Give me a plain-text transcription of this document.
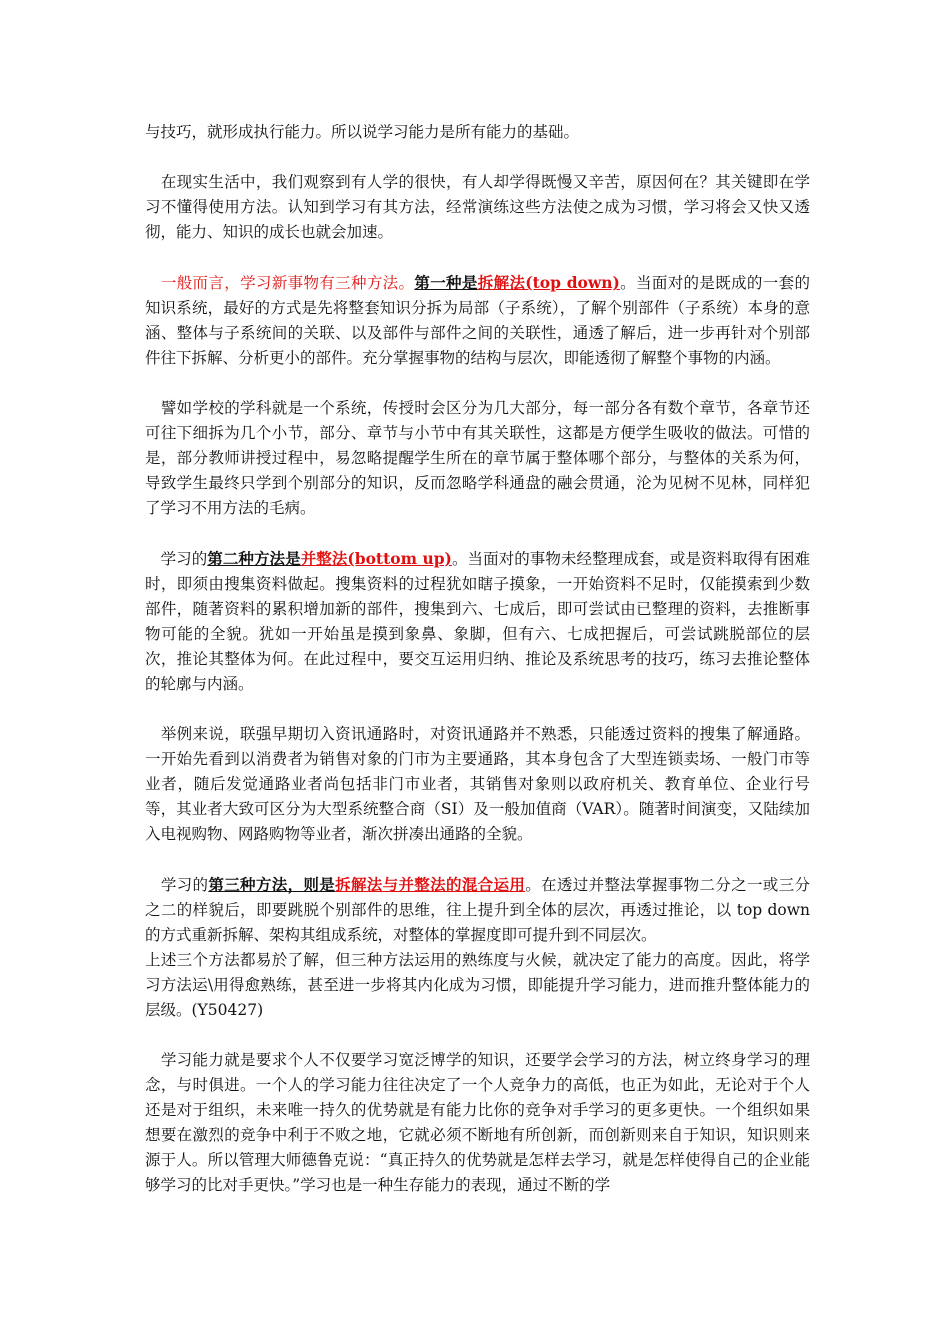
与技巧，就形成执行能力。所以说学习能力是所有能力的基础。

　在现实生活中，我们观察到有人学的很快，有人却学得既慢又辛苦，原因何在？其关键即在学习不懂得使用方法。认知到学习有其方法，经常演练这些方法使之成为习惯，学习将会又快又透彻，能力、知识的成长也就会加速。

　一般而言，学习新事物有三种方法。第一种是拆解法(top down)。当面对的是既成的一套的知识系统，最好的方式是先将整套知识分拆为局部（子系统），了解个别部件（子系统）本身的意涵、整体与子系统间的关联、以及部件与部件之间的关联性，通透了解后，进一步再针对个别部件往下拆解、分析更小的部件。充分掌握事物的结构与层次，即能透彻了解整个事物的内涵。

　譬如学校的学科就是一个系统，传授时会区分为几大部分，每一部分各有数个章节，各章节还可往下细拆为几个小节，部分、章节与小节中有其关联性，这都是方便学生吸收的做法。可惜的是，部分教师讲授过程中，易忽略提醒学生所在的章节属于整体哪个部分，与整体的关系为何，导致学生最终只学到个别部分的知识，反而忽略学科通盘的融会贯通，沦为见树不见林，同样犯了学习不用方法的毛病。

　学习的第二种方法是并整法(bottom up)。当面对的事物未经整理成套，或是资料取得有困难时，即须由搜集资料做起。搜集资料的过程犹如瞎子摸象，一开始资料不足时，仅能摸索到少数部件，随著资料的累积增加新的部件，搜集到六、七成后，即可尝试由已整理的资料，去推断事物可能的全貌。犹如一开始虽是摸到象鼻、象脚，但有六、七成把握后，可尝试跳脱部位的层次，推论其整体为何。在此过程中，要交互运用归纳、推论及系统思考的技巧，练习去推论整体的轮廓与内涵。

　举例来说，联强早期切入资讯通路时，对资讯通路并不熟悉，只能透过资料的搜集了解通路。一开始先看到以消费者为销售对象的门市为主要通路，其本身包含了大型连锁卖场、一般门市等业者，随后发觉通路业者尚包括非门市业者，其销售对象则以政府机关、教育单位、企业行号等，其业者大致可区分为大型系统整合商（SI）及一般加值商（VAR）。随著时间演变，又陆续加入电视购物、网路购物等业者，渐次拼凑出通路的全貌。

　学习的第三种方法，则是拆解法与并整法的混合运用。在透过并整法掌握事物二分之一或三分之二的样貌后，即要跳脱个别部件的思维，往上提升到全体的层次，再透过推论，以 top down 的方式重新拆解、架构其组成系统，对整体的掌握度即可提升到不同层次。

上述三个方法都易於了解，但三种方法运用的熟练度与火候，就决定了能力的高度。因此，将学习方法运\用得愈熟练，甚至进一步将其内化成为习惯，即能提升学习能力，进而推升整体能力的层级。(Y50427)

　学习能力就是要求个人不仅要学习宽泛博学的知识，还要学会学习的方法，树立终身学习的理念，与时俱进。一个人的学习能力往往决定了一个人竞争力的高低，也正为如此，无论对于个人还是对于组织，未来唯一持久的优势就是有能力比你的竞争对手学习的更多更快。一个组织如果想要在激烈的竞争中利于不败之地，它就必须不断地有所创新，而创新则来自于知识，知识则来源于人。所以管理大师德鲁克说：“真正持久的优势就是怎样去学习，就是怎样使得自己的企业能够学习的比对手更快。”学习也是一种生存能力的表现，通过不断的学
